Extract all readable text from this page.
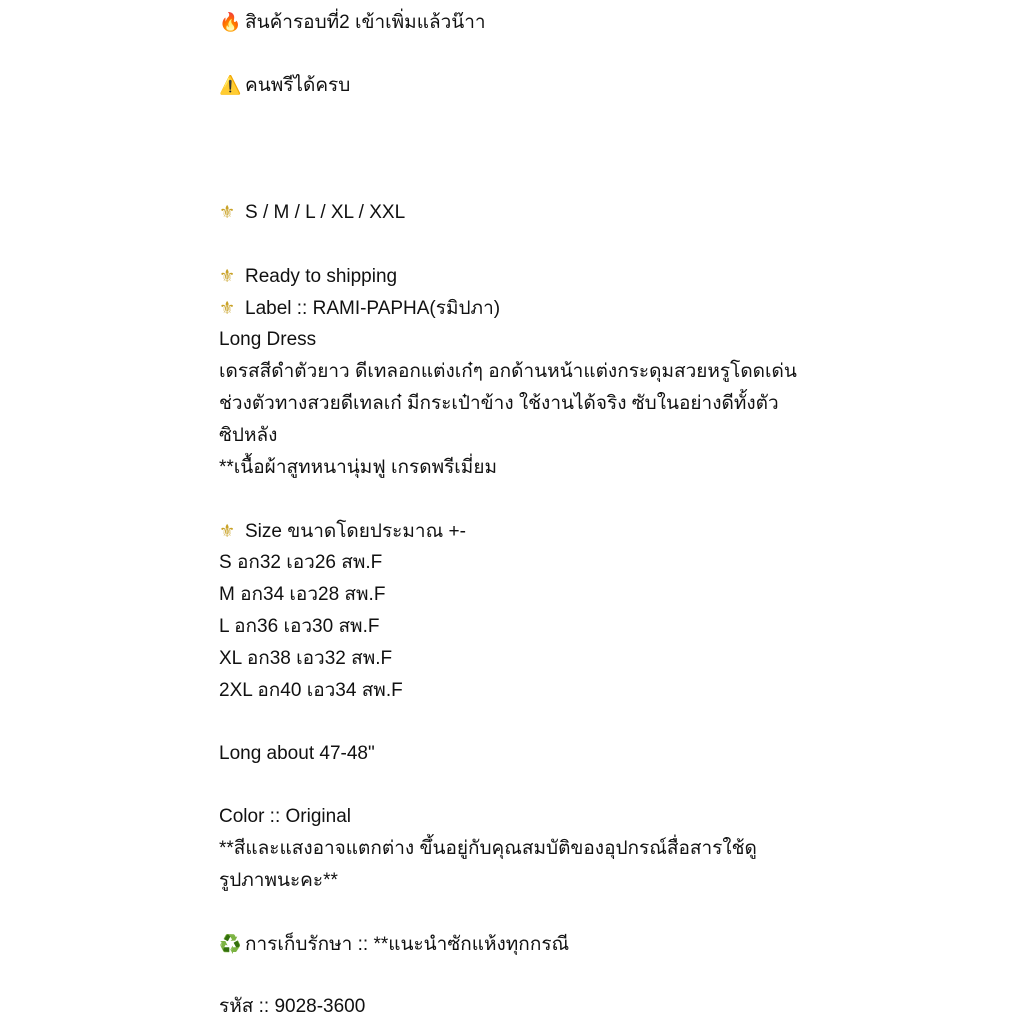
🔥 สินค้ารอบที่2 เข้าเพิ่มแล้วน๊าา
⚠️ คนพรีได้ครบ
⚜ S / M / L / XL / XXL
⚜ Ready to shipping
⚜ Label :: RAMI-PAPHA(รมิปภา)
Long Dress
เดรสสีดำตัวยาว ดีเทลอกแต่งเก๋ๆ อกด้านหน้าแต่งกระดุมสวยหรูโดดเด่น
ช่วงตัวทางสวยดีเทลเก๋ มีกระเป๋าข้าง ใช้งานได้จริง ซับในอย่างดีทั้งตัว
ซิปหลัง
**เนื้อผ้าสูทหนานุ่มฟู เกรดพรีเมี่ยม
⚜ Size ขนาดโดยประมาณ +-
S อก32 เอว26 สพ.F
M อก34 เอว28 สพ.F
L อก36 เอว30 สพ.F
XL อก38 เอว32 สพ.F
2XL อก40 เอว34 สพ.F
Long about 47-48"
Color :: Original
**สีและแสงอาจแตกต่าง ขึ้นอยู่กับคุณสมบัติของอุปกรณ์สื่อสารใช้ดู
รูปภาพนะคะ**
♻️ การเก็บรักษา :: **แนะนำซักแห้งทุกกรณี
รหัส :: 9028-3600
